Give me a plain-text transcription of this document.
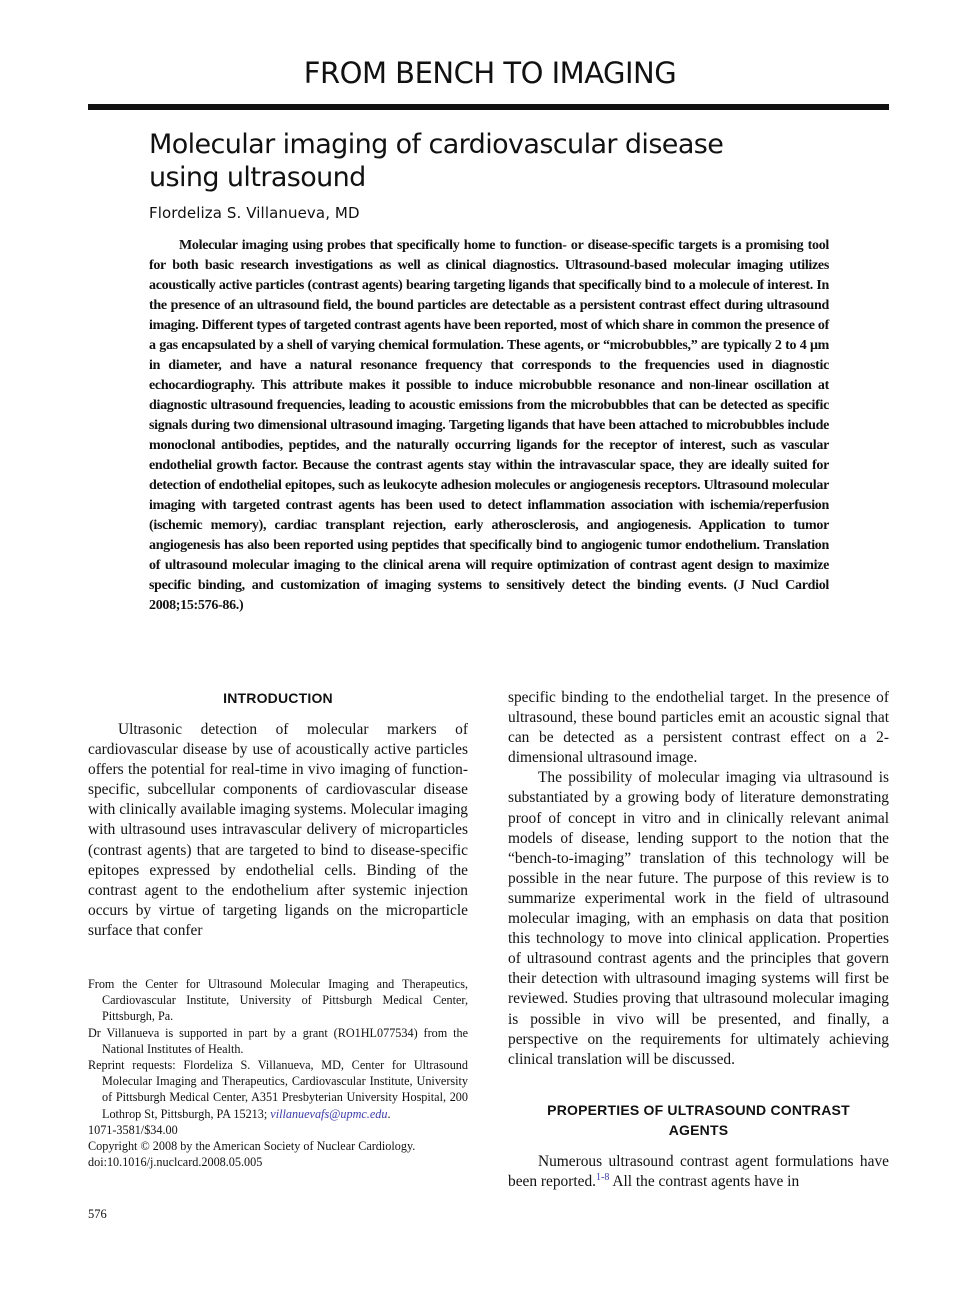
FROM BENCH TO IMAGING
Molecular imaging of cardiovascular disease
using ultrasound
Flordeliza S. Villanueva, MD

Molecular imaging using probes that specifically home to function- or disease-specific targets is a promising tool for both basic research investigations as well as clinical diagnostics. Ultrasound-based molecular imaging utilizes acoustically active particles (contrast agents) bearing targeting ligands that specifically bind to a molecule of interest. In the presence of an ultrasound field, the bound particles are detectable as a persistent contrast effect during ultrasound imaging. Different types of targeted contrast agents have been reported, most of which share in common the presence of a gas encapsulated by a shell of varying chemical formulation. These agents, or “microbubbles,” are typically 2 to 4 μm in diameter, and have a natural resonance frequency that corresponds to the frequencies used in diagnostic echocardiography. This attribute makes it possible to induce microbubble resonance and non-linear oscillation at diagnostic ultrasound frequencies, leading to acoustic emissions from the microbubbles that can be detected as specific signals during two dimensional ultrasound imaging. Targeting ligands that have been attached to microbubbles include monoclonal antibodies, peptides, and the naturally occurring ligands for the receptor of interest, such as vascular endothelial growth factor. Because the contrast agents stay within the intravascular space, they are ideally suited for detection of endothelial epitopes, such as leukocyte adhesion molecules or angiogenesis receptors. Ultrasound molecular imaging with targeted contrast agents has been used to detect inflammation association with ischemia/reperfusion (ischemic memory), cardiac transplant rejection, early atherosclerosis, and angiogenesis. Application to tumor angiogenesis has also been reported using peptides that specifically bind to angiogenic tumor endothelium. Translation of ultrasound molecular imaging to the clinical arena will require optimization of contrast agent design to maximize specific binding, and customization of imaging systems to sensitively detect the binding events. (J Nucl Cardiol 2008;15:576-86.)

INTRODUCTION

Ultrasonic detection of molecular markers of cardiovascular disease by use of acoustically active particles offers the potential for real-time in vivo imaging of function-specific, subcellular components of cardiovascular disease with clinically available imaging systems. Molecular imaging with ultrasound uses intravascular delivery of microparticles (contrast agents) that are targeted to bind to disease-specific epitopes expressed by endothelial cells. Binding of the contrast agent to the endothelium after systemic injection occurs by virtue of targeting ligands on the microparticle surface that confer

specific binding to the endothelial target. In the presence of ultrasound, these bound particles emit an acoustic signal that can be detected as a persistent contrast effect on a 2-dimensional ultrasound image.

The possibility of molecular imaging via ultrasound is substantiated by a growing body of literature demonstrating proof of concept in vitro and in clinically relevant animal models of disease, lending support to the notion that the “bench-to-imaging” translation of this technology will be possible in the near future. The purpose of this review is to summarize experimental work in the field of ultrasound molecular imaging, with an emphasis on data that position this technology to move into clinical application. Properties of ultrasound contrast agents and the principles that govern their detection with ultrasound imaging systems will first be reviewed. Studies proving that ultrasound molecular imaging is possible in vivo will be presented, and finally, a perspective on the requirements for ultimately achieving clinical translation will be discussed.

PROPERTIES OF ULTRASOUND CONTRAST
AGENTS

Numerous ultrasound contrast agent formulations have been reported.$^{1-8}$ All the contrast agents have in

From the Center for Ultrasound Molecular Imaging and Therapeutics, Cardiovascular Institute, University of Pittsburgh Medical Center, Pittsburgh, Pa.

Dr Villanueva is supported in part by a grant (RO1HL077534) from the National Institutes of Health.

Reprint requests: Flordeliza S. Villanueva, MD, Center for Ultrasound Molecular Imaging and Therapeutics, Cardiovascular Institute, University of Pittsburgh Medical Center, A351 Presbyterian University Hospital, 200 Lothrop St, Pittsburgh, PA 15213; villanuevafs@upmc.edu.

1071-3581/$34.00

Copyright © 2008 by the American Society of Nuclear Cardiology.

doi:10.1016/j.nuclcard.2008.05.005

576
